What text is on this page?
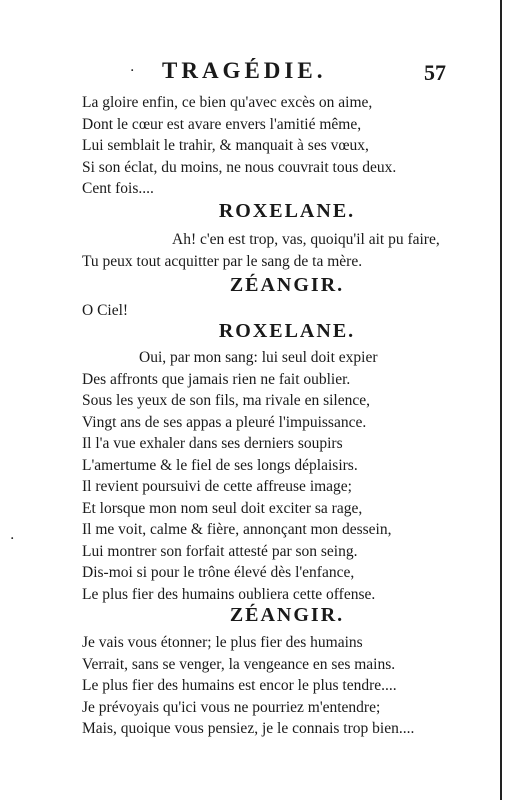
· TRAGÉDIE.	57
·
La gloire enfin, ce bien qu'avec excès on aime,
Dont le cœur est avare envers l'amitié même,
Lui semblait le trahir, & manquait à ses vœux,
Si son éclat, du moins, ne nous couvrait tous deux.
Cent fois....
ROXELANE.
Ah! c'en est trop, vas, quoiqu'il ait pu faire,
Tu peux tout acquitter par le sang de ta mère.
ZÉANGIR.
O Ciel!
ROXELANE.
Oui, par mon sang: lui seul doit expier
Des affronts que jamais rien ne fait oublier.
Sous les yeux de son fils, ma rivale en silence,
Vingt ans de ses appas a pleuré l'impuissance.
Il l'a vue exhaler dans ses derniers soupirs
L'amertume & le fiel de ses longs déplaisirs.
Il revient poursuivi de cette affreuse image;
Et lorsque mon nom seul doit exciter sa rage,
Il me voit, calme & fière, annonçant mon dessein,
Lui montrer son forfait attesté par son seing.
Dis-moi si pour le trône élevé dès l'enfance,
Le plus fier des humains oubliera cette offense.
ZÉANGIR.
Je vais vous étonner; le plus fier des humains
Verrait, sans se venger, la vengeance en ses mains.
Le plus fier des humains est encor le plus tendre....
Je prévoyais qu'ici vous ne pourriez m'entendre;
Mais, quoique vous pensiez, je le connais trop bien....
